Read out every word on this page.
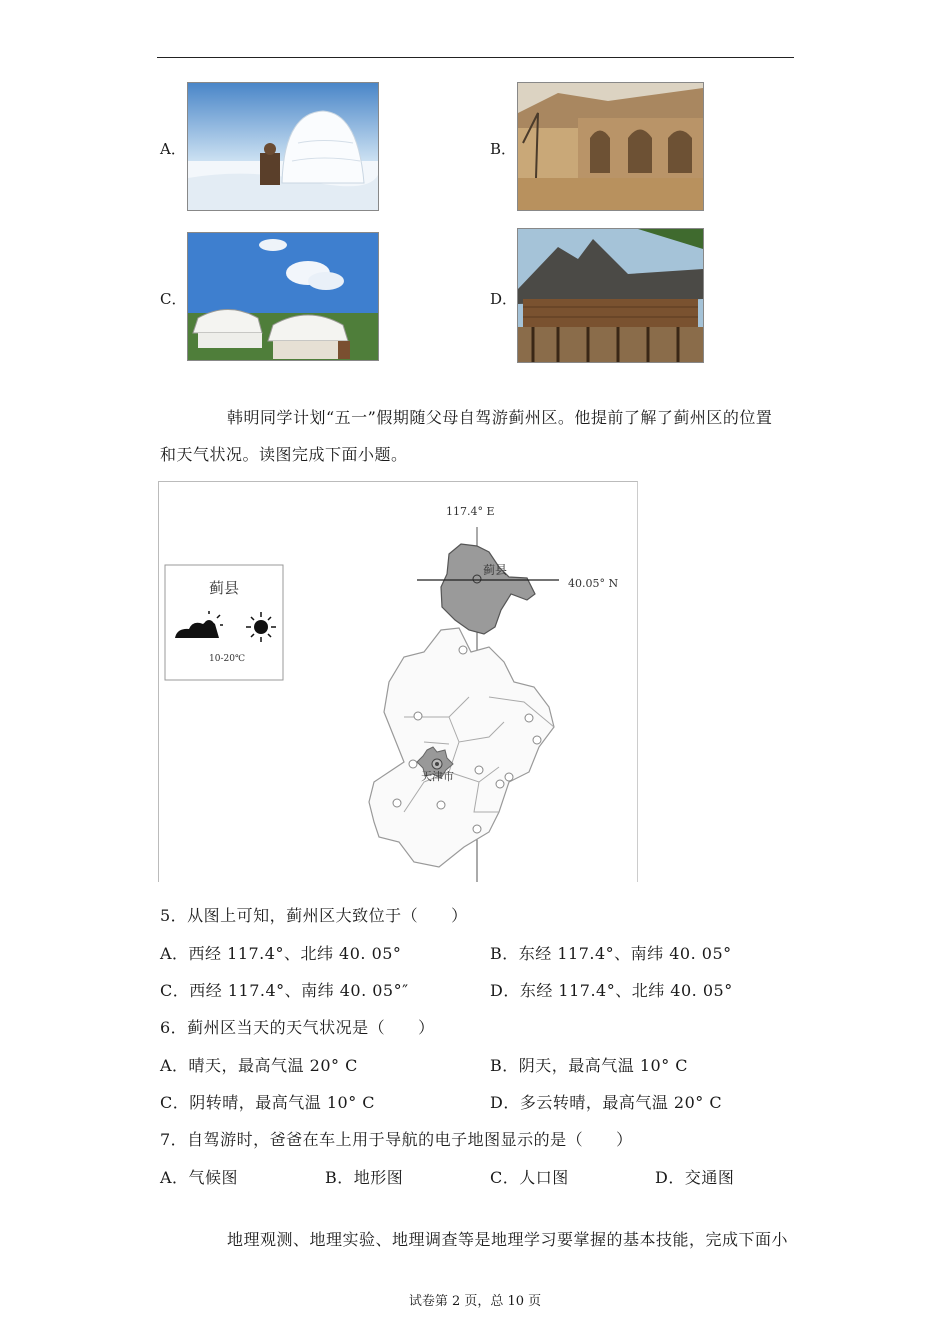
A．	B．
C．	D．
韩明同学计划“五一”假期随父母自驾游蓟州区。他提前了解了蓟州区的位置
和天气状况。读图完成下面小题。
117.4° E
40.05° N
蓟县
天津市
蓟县
10-20℃
5．从图上可知，蓟州区大致位于（　　）
A．西经 117.4°、北纬 40. 05°	B．东经 117.4°、南纬 40. 05°
C．西经 117.4°、南纬 40. 05°″	D．东经 117.4°、北纬 40. 05°
6．蓟州区当天的天气状况是（　　）
A．晴天，最高气温 20° C	B．阴天，最高气温 10° C
C．阴转晴，最高气温 10° C	D．多云转晴，最高气温 20° C
7．自驾游时，爸爸在车上用于导航的电子地图显示的是（　　）
A．气候图	B．地形图	C．人口图	D．交通图
地理观测、地理实验、地理调查等是地理学习要掌握的基本技能，完成下面小
试卷第 2 页，总 10 页
